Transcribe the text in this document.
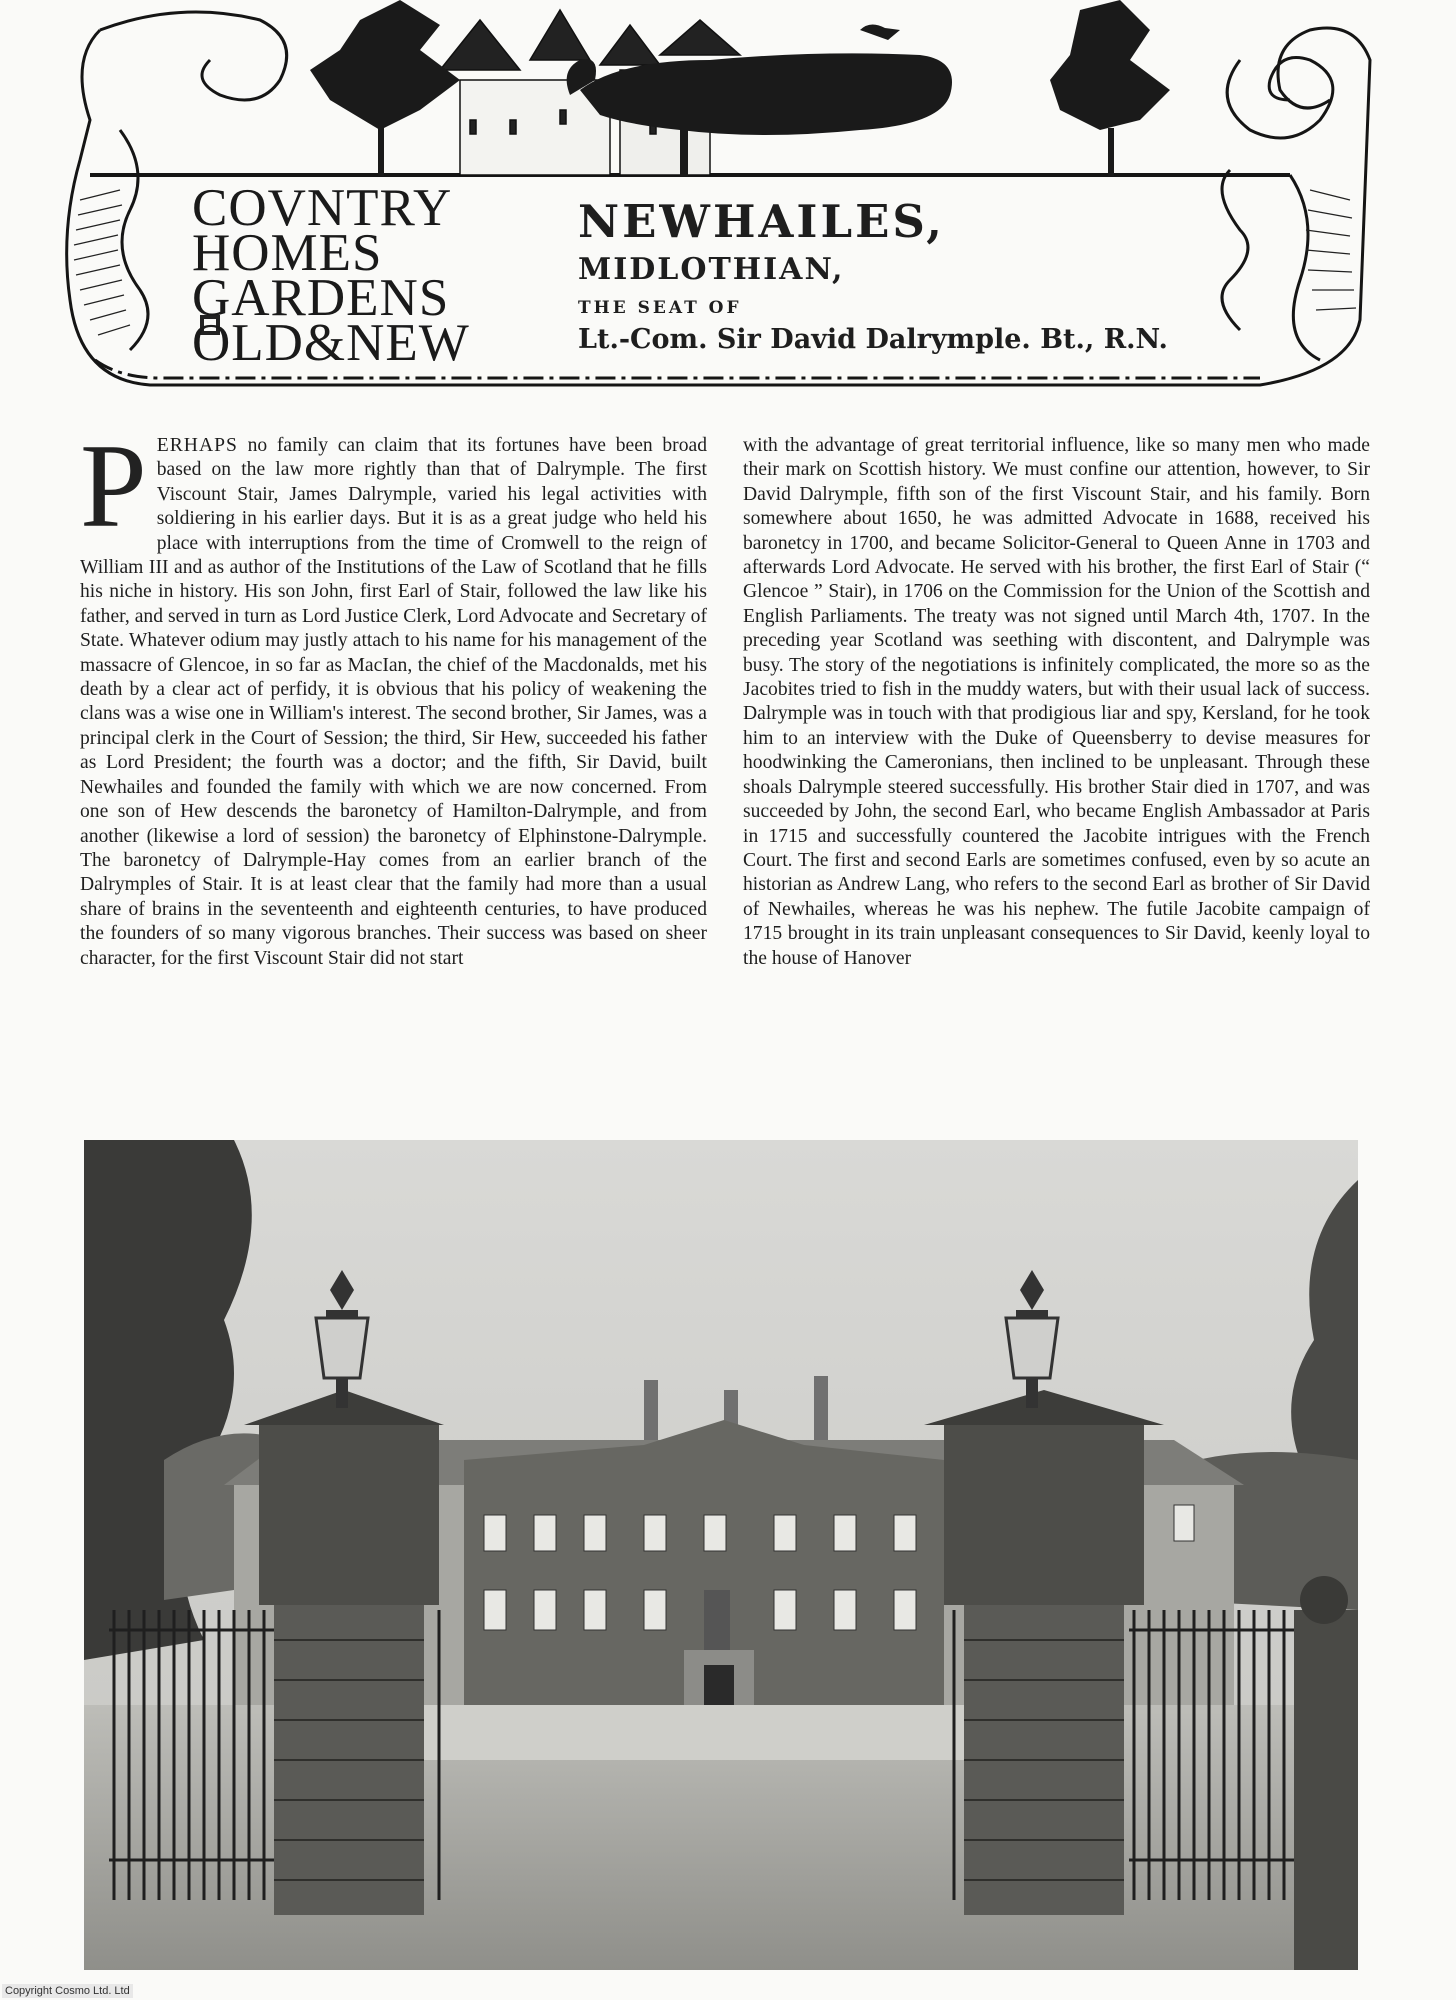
COVNTRY
HOMES
GARDENS
OLD&NEW
NEWHAILES,
MIDLOTHIAN,
THE SEAT OF
Lt.-Com. Sir David Dalrymple. Bt., R.N.

PERHAPS no family can claim that its fortunes have been broad based on the law more rightly than that of Dalrymple. The first Viscount Stair, James Dalrymple, varied his legal activities with soldiering in his earlier days. But it is as a great judge who held his place with interruptions from the time of Cromwell to the reign of William III and as author of the Institutions of the Law of Scotland that he fills his niche in history. His son John, first Earl of Stair, followed the law like his father, and served in turn as Lord Justice Clerk, Lord Advocate and Secretary of State. Whatever odium may justly attach to his name for his management of the massacre of Glencoe, in so far as MacIan, the chief of the Macdonalds, met his death by a clear act of perfidy, it is obvious that his policy of weakening the clans was a wise one in William's interest. The second brother, Sir James, was a principal clerk in the Court of Session; the third, Sir Hew, succeeded his father as Lord President; the fourth was a doctor; and the fifth, Sir David, built Newhailes and founded the family with which we are now concerned. From one son of Hew descends the baronetcy of Hamilton-Dalrymple, and from another (likewise a lord of session) the baronetcy of Elphinstone-Dalrymple. The baronetcy of Dalrymple-Hay comes from an earlier branch of the Dalrymples of Stair. It is at least clear that the family had more than a usual share of brains in the seventeenth and eighteenth centuries, to have produced the founders of so many vigorous branches. Their success was based on sheer character, for the first Viscount Stair did not start

with the advantage of great territorial influence, like so many men who made their mark on Scottish history. We must confine our attention, however, to Sir David Dalrymple, fifth son of the first Viscount Stair, and his family. Born somewhere about 1650, he was admitted Advocate in 1688, received his baronetcy in 1700, and became Solicitor-General to Queen Anne in 1703 and afterwards Lord Advocate. He served with his brother, the first Earl of Stair (“ Glencoe ” Stair), in 1706 on the Commission for the Union of the Scottish and English Parliaments. The treaty was not signed until March 4th, 1707. In the preceding year Scotland was seething with discontent, and Dalrymple was busy. The story of the negotiations is infinitely complicated, the more so as the Jacobites tried to fish in the muddy waters, but with their usual lack of success. Dalrymple was in touch with that prodigious liar and spy, Kersland, for he took him to an interview with the Duke of Queensberry to devise measures for hoodwinking the Cameronians, then inclined to be unpleasant. Through these shoals Dalrymple steered successfully. His brother Stair died in 1707, and was succeeded by John, the second Earl, who became English Ambassador at Paris in 1715 and successfully countered the Jacobite intrigues with the French Court. The first and second Earls are sometimes confused, even by so acute an historian as Andrew Lang, who refers to the second Earl as brother of Sir David of Newhailes, whereas he was his nephew. The futile Jacobite campaign of 1715 brought in its train unpleasant consequences to Sir David, keenly loyal to the house of Hanover

Copyright Cosmo Ltd. Ltd
